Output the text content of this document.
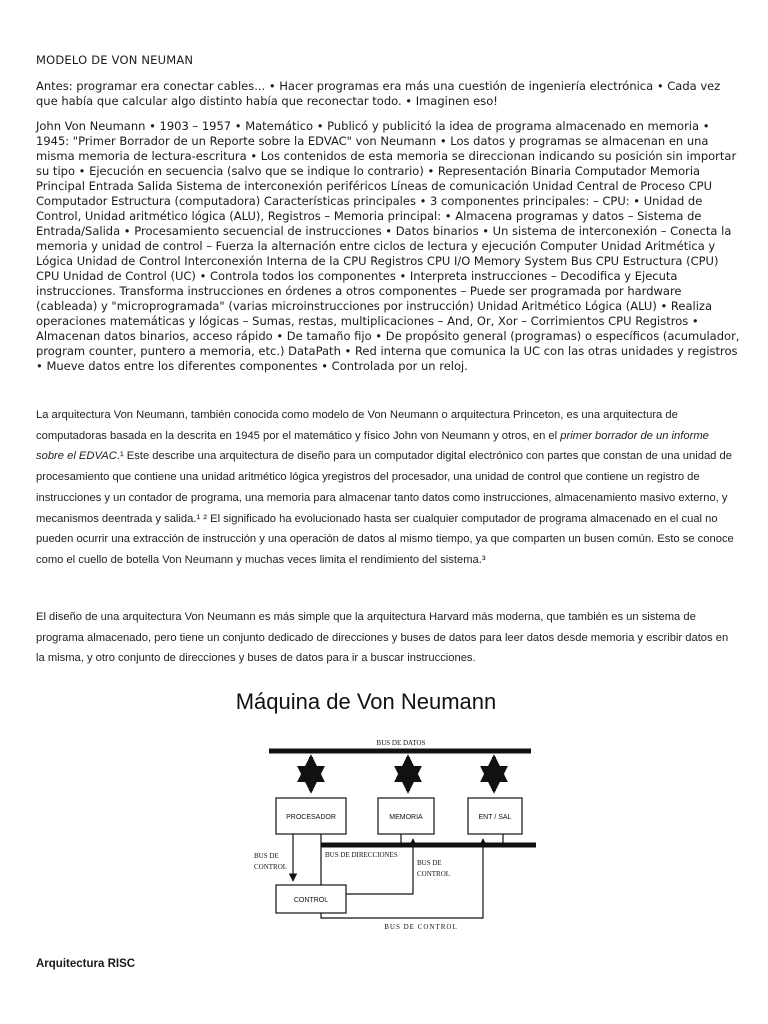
MODELO DE VON NEUMAN
Antes: programar era conectar cables... • Hacer programas era más una cuestión de ingeniería electrónica • Cada vez que había que calcular algo distinto había que reconectar todo. • Imaginen eso!
John Von Neumann • 1903 – 1957 • Matemático • Publicó y publicitó la idea de programa almacenado en memoria • 1945: "Primer Borrador de un Reporte sobre la EDVAC" von Neumann • Los datos y programas se almacenan en una misma memoria de lectura-escritura • Los contenidos de esta memoria se direccionan indicando su posición sin importar su tipo • Ejecución en secuencia (salvo que se indique lo contrario) • Representación Binaria Computador Memoria Principal Entrada Salida Sistema de interconexión periféricos Líneas de comunicación Unidad Central de Proceso CPU Computador Estructura (computadora) Características principales • 3 componentes principales: – CPU: • Unidad de Control, Unidad aritmético lógica (ALU), Registros – Memoria principal: • Almacena programas y datos – Sistema de Entrada/Salida • Procesamiento secuencial de instrucciones • Datos binarios • Un sistema de interconexión – Conecta la memoria y unidad de control – Fuerza la alternación entre ciclos de lectura y ejecución Computer Unidad Aritmética y Lógica Unidad de Control Interconexión Interna de la CPU Registros CPU I/O Memory System Bus CPU Estructura (CPU) CPU Unidad de Control (UC) • Controla todos los componentes • Interpreta instrucciones – Decodifica y Ejecuta instrucciones. Transforma instrucciones en órdenes a otros componentes – Puede ser programada por hardware (cableada) y "microprogramada" (varias microinstrucciones por instrucción) Unidad Aritmético Lógica (ALU) • Realiza operaciones matemáticas y lógicas – Sumas, restas, multiplicaciones – And, Or, Xor – Corrimientos CPU Registros • Almacenan datos binarios, acceso rápido • De tamaño fijo • De propósito general (programas) o específicos (acumulador, program counter, puntero a memoria, etc.) DataPath • Red interna que comunica la UC con las otras unidades y registros • Mueve datos entre los diferentes componentes • Controlada por un reloj.
La arquitectura Von Neumann, también conocida como modelo de Von Neumann o arquitectura Princeton, es una arquitectura de computadoras basada en la descrita en 1945 por el matemático y físico John von Neumann y otros, en el primer borrador de un informe sobre el EDVAC.¹ Este describe una arquitectura de diseño para un computador digital electrónico con partes que constan de una unidad de procesamiento que contiene una unidad aritmético lógica yregistros del procesador, una unidad de control que contiene un registro de instrucciones y un contador de programa, una memoria para almacenar tanto datos como instrucciones, almacenamiento masivo externo, y mecanismos deentrada y salida.¹ ² El significado ha evolucionado hasta ser cualquier computador de programa almacenado en el cual no pueden ocurrir una extracción de instrucción y una operación de datos al mismo tiempo, ya que comparten un busen común. Esto se conoce como el cuello de botella Von Neumann y muchas veces limita el rendimiento del sistema.³
El diseño de una arquitectura Von Neumann es más simple que la arquitectura Harvard más moderna, que también es un sistema de programa almacenado, pero tiene un conjunto dedicado de direcciones y buses de datos para leer datos desde memoria y escribir datos en la misma, y otro conjunto de direcciones y buses de datos para ir a buscar instrucciones.
Arquitectura RISC
Máquina de Von Neumann
BUS DE DATOS
PROCESADOR	MEMORIA	ENT / SAL
BUS DE DIRECCIONES
BUS DE
CONTROL
CONTROL
BUS DE
CONTROL
BUS DE CONTROL
